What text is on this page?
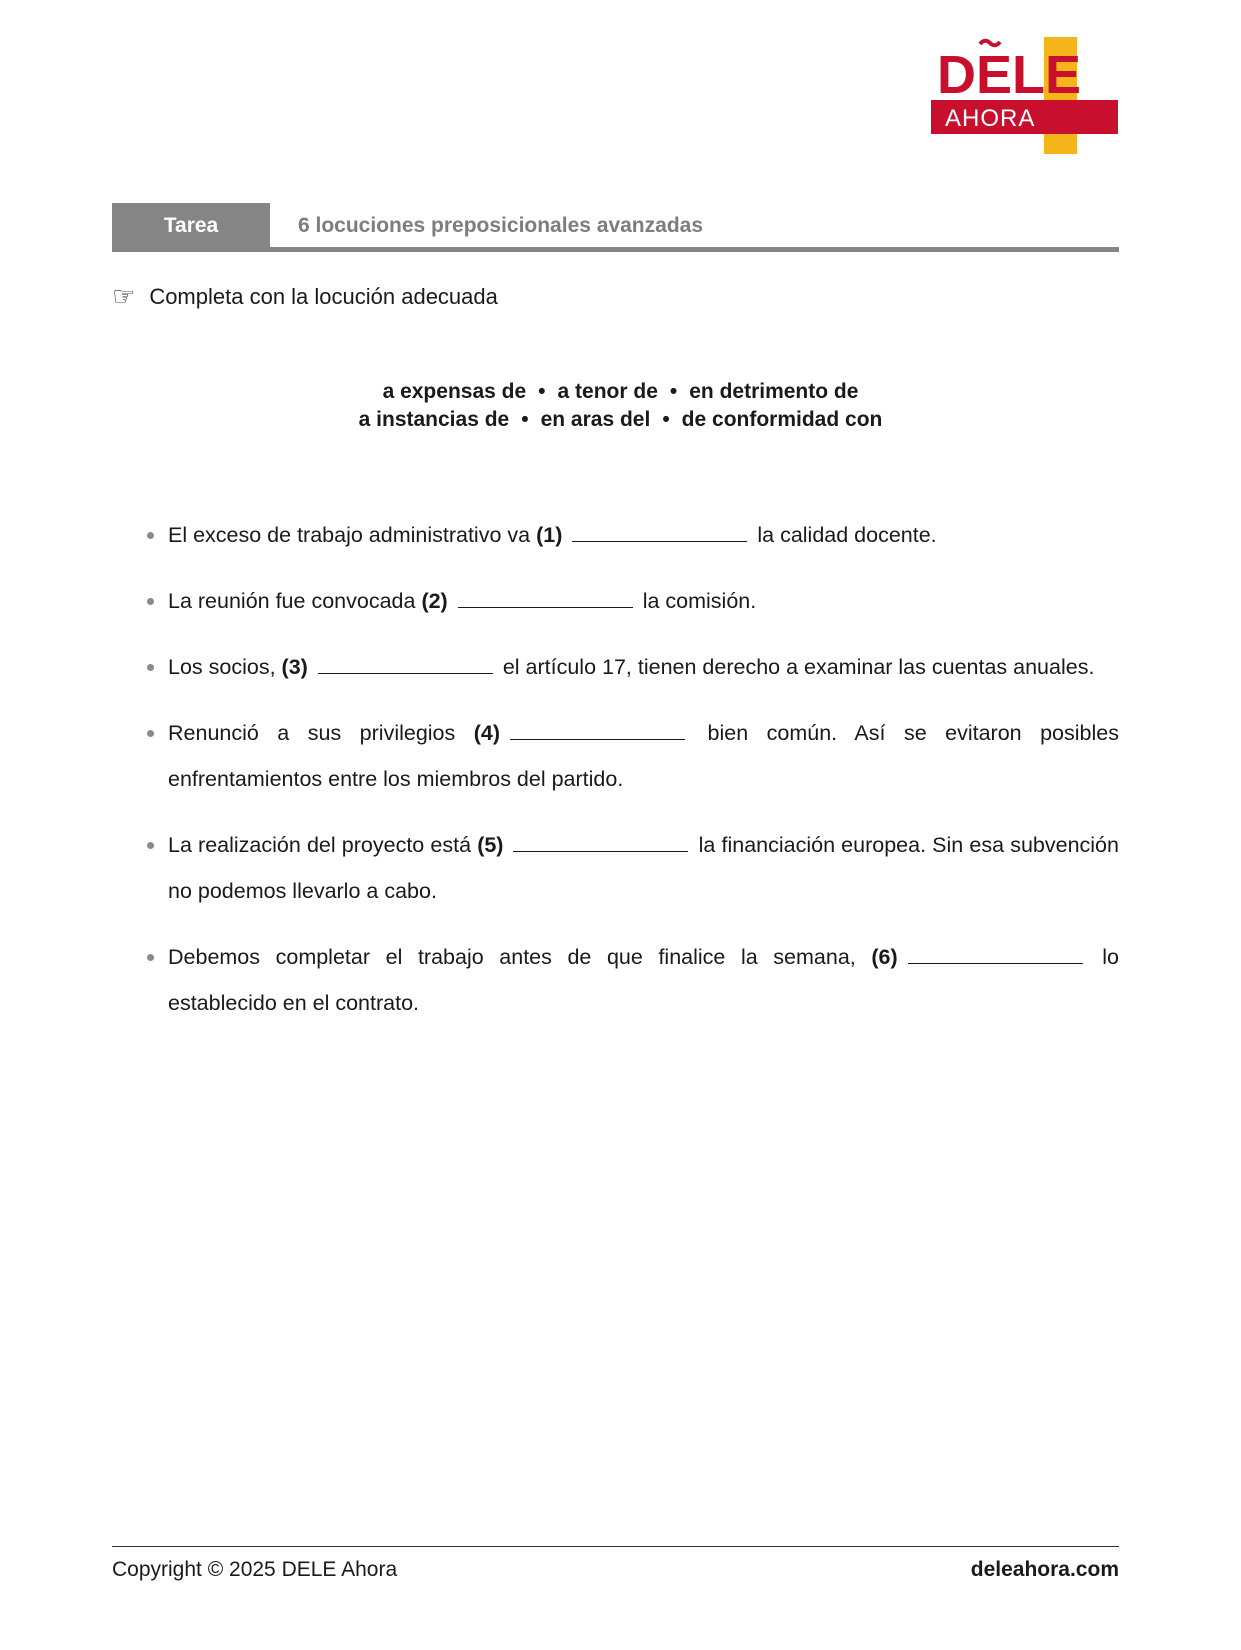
DELE
AHORA
Tarea	6 locuciones preposicionales avanzadas
☞ Completa con la locución adecuada
a expensas de • a tenor de • en detrimento de
a instancias de • en aras del • de conformidad con
El exceso de trabajo administrativo va (1)	la calidad docente.
La reunión fue convocada (2)	la comisión.
Los socios, (3)	el artículo 17, tienen derecho a examinar las cuentas anuales.
Renunció a sus privilegios (4)	bien común. Así se evitaron posibles enfrentamientos entre los miembros del partido.
La realización del proyecto está (5)	la financiación europea. Sin esa subvención no podemos llevarlo a cabo.
Debemos completar el trabajo antes de que finalice la semana, (6)	lo establecido en el contrato.
Copyright © 2025 DELE Ahora	deleahora.com
